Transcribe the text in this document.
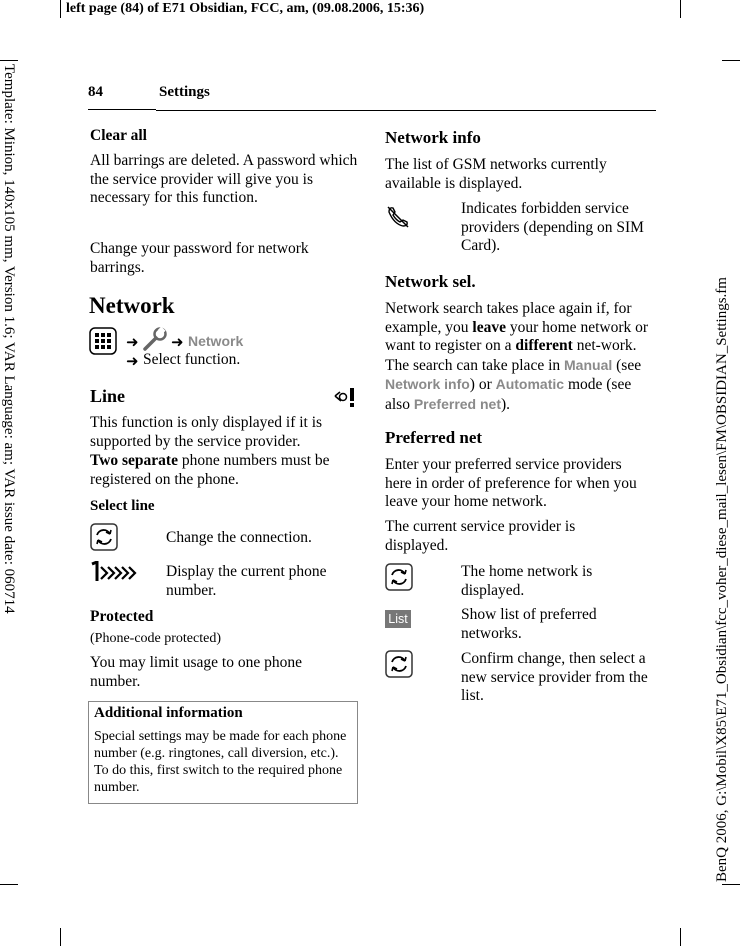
left page (84) of E71 Obsidian, FCC, am, (09.08.2006, 15:36)
Template: Minion, 140x105 mm, Version 1.6; VAR Language: am; VAR issue date: 060714	BenQ 2006, G:\Mobil\X85\E71_Obsidian\fcc_voher_diese_mail_lesen\FM\OBSIDIAN_Settings.fm
84	Settings
Clear all

All barrings are deleted. A password which the service provider will give you is necessary for this function.

Change your password for network barrings.

Network
➜ ➜ Network
➜ Select function.
Line

This function is only displayed if it is supported by the service provider.

Two separate phone numbers must be registered on the phone.

Select line

Change the connection.

Display the current phone number.

Protected
(Phone-code protected)

You may limit usage to one phone number.

Additional information

Special settings may be made for each phone number (e.g. ringtones, call diversion, etc.). To do this, first switch to the required phone number.

Network info

The list of GSM networks currently available is displayed.

Indicates forbidden service providers (depending on SIM Card).

Network sel.

Network search takes place again if, for example, you leave your home network or want to register on a different net-work. The search can take place in Manual (see Network info) or Automatic mode (see also Preferred net).

Preferred net

Enter your preferred service providers here in order of preference for when you leave your home network.

The current service provider is displayed.

The home network is displayed.

List	Show list of preferred networks.

Confirm change, then select a new service provider from the list.
